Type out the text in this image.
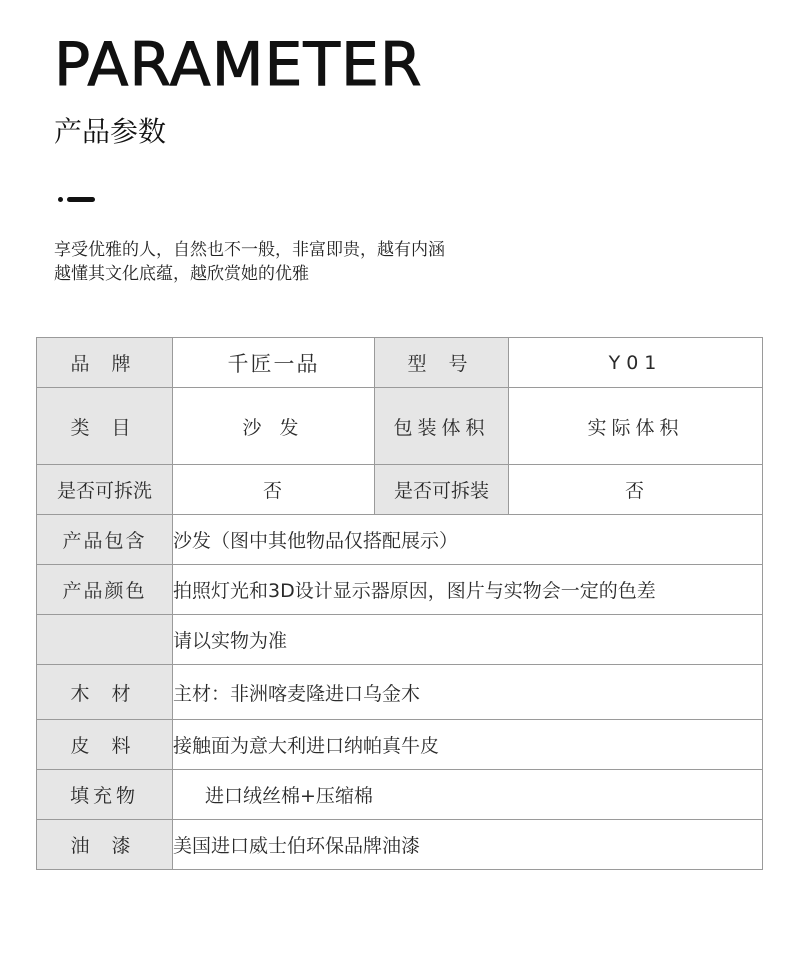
PARAMETER
产品参数
享受优雅的人，自然也不一般，非富即贵，越有内涵
越懂其文化底蕴，越欣赏她的优雅
品 牌	千匠一品	型 号	Y01
类 目	沙 发	包装体积	实际体积
是否可拆洗	否	是否可拆装	否
产品包含	沙发（图中其他物品仅搭配展示）		
产品颜色	拍照灯光和3D设计显示器原因，图片与实物会一定的色差		
	请以实物为准		
木 材	主材：非洲喀麦隆进口乌金木		
皮 料	接触面为意大利进口纳帕真牛皮		
填充物	进口绒丝棉+压缩棉		
油 漆	美国进口威士伯环保品牌油漆		
